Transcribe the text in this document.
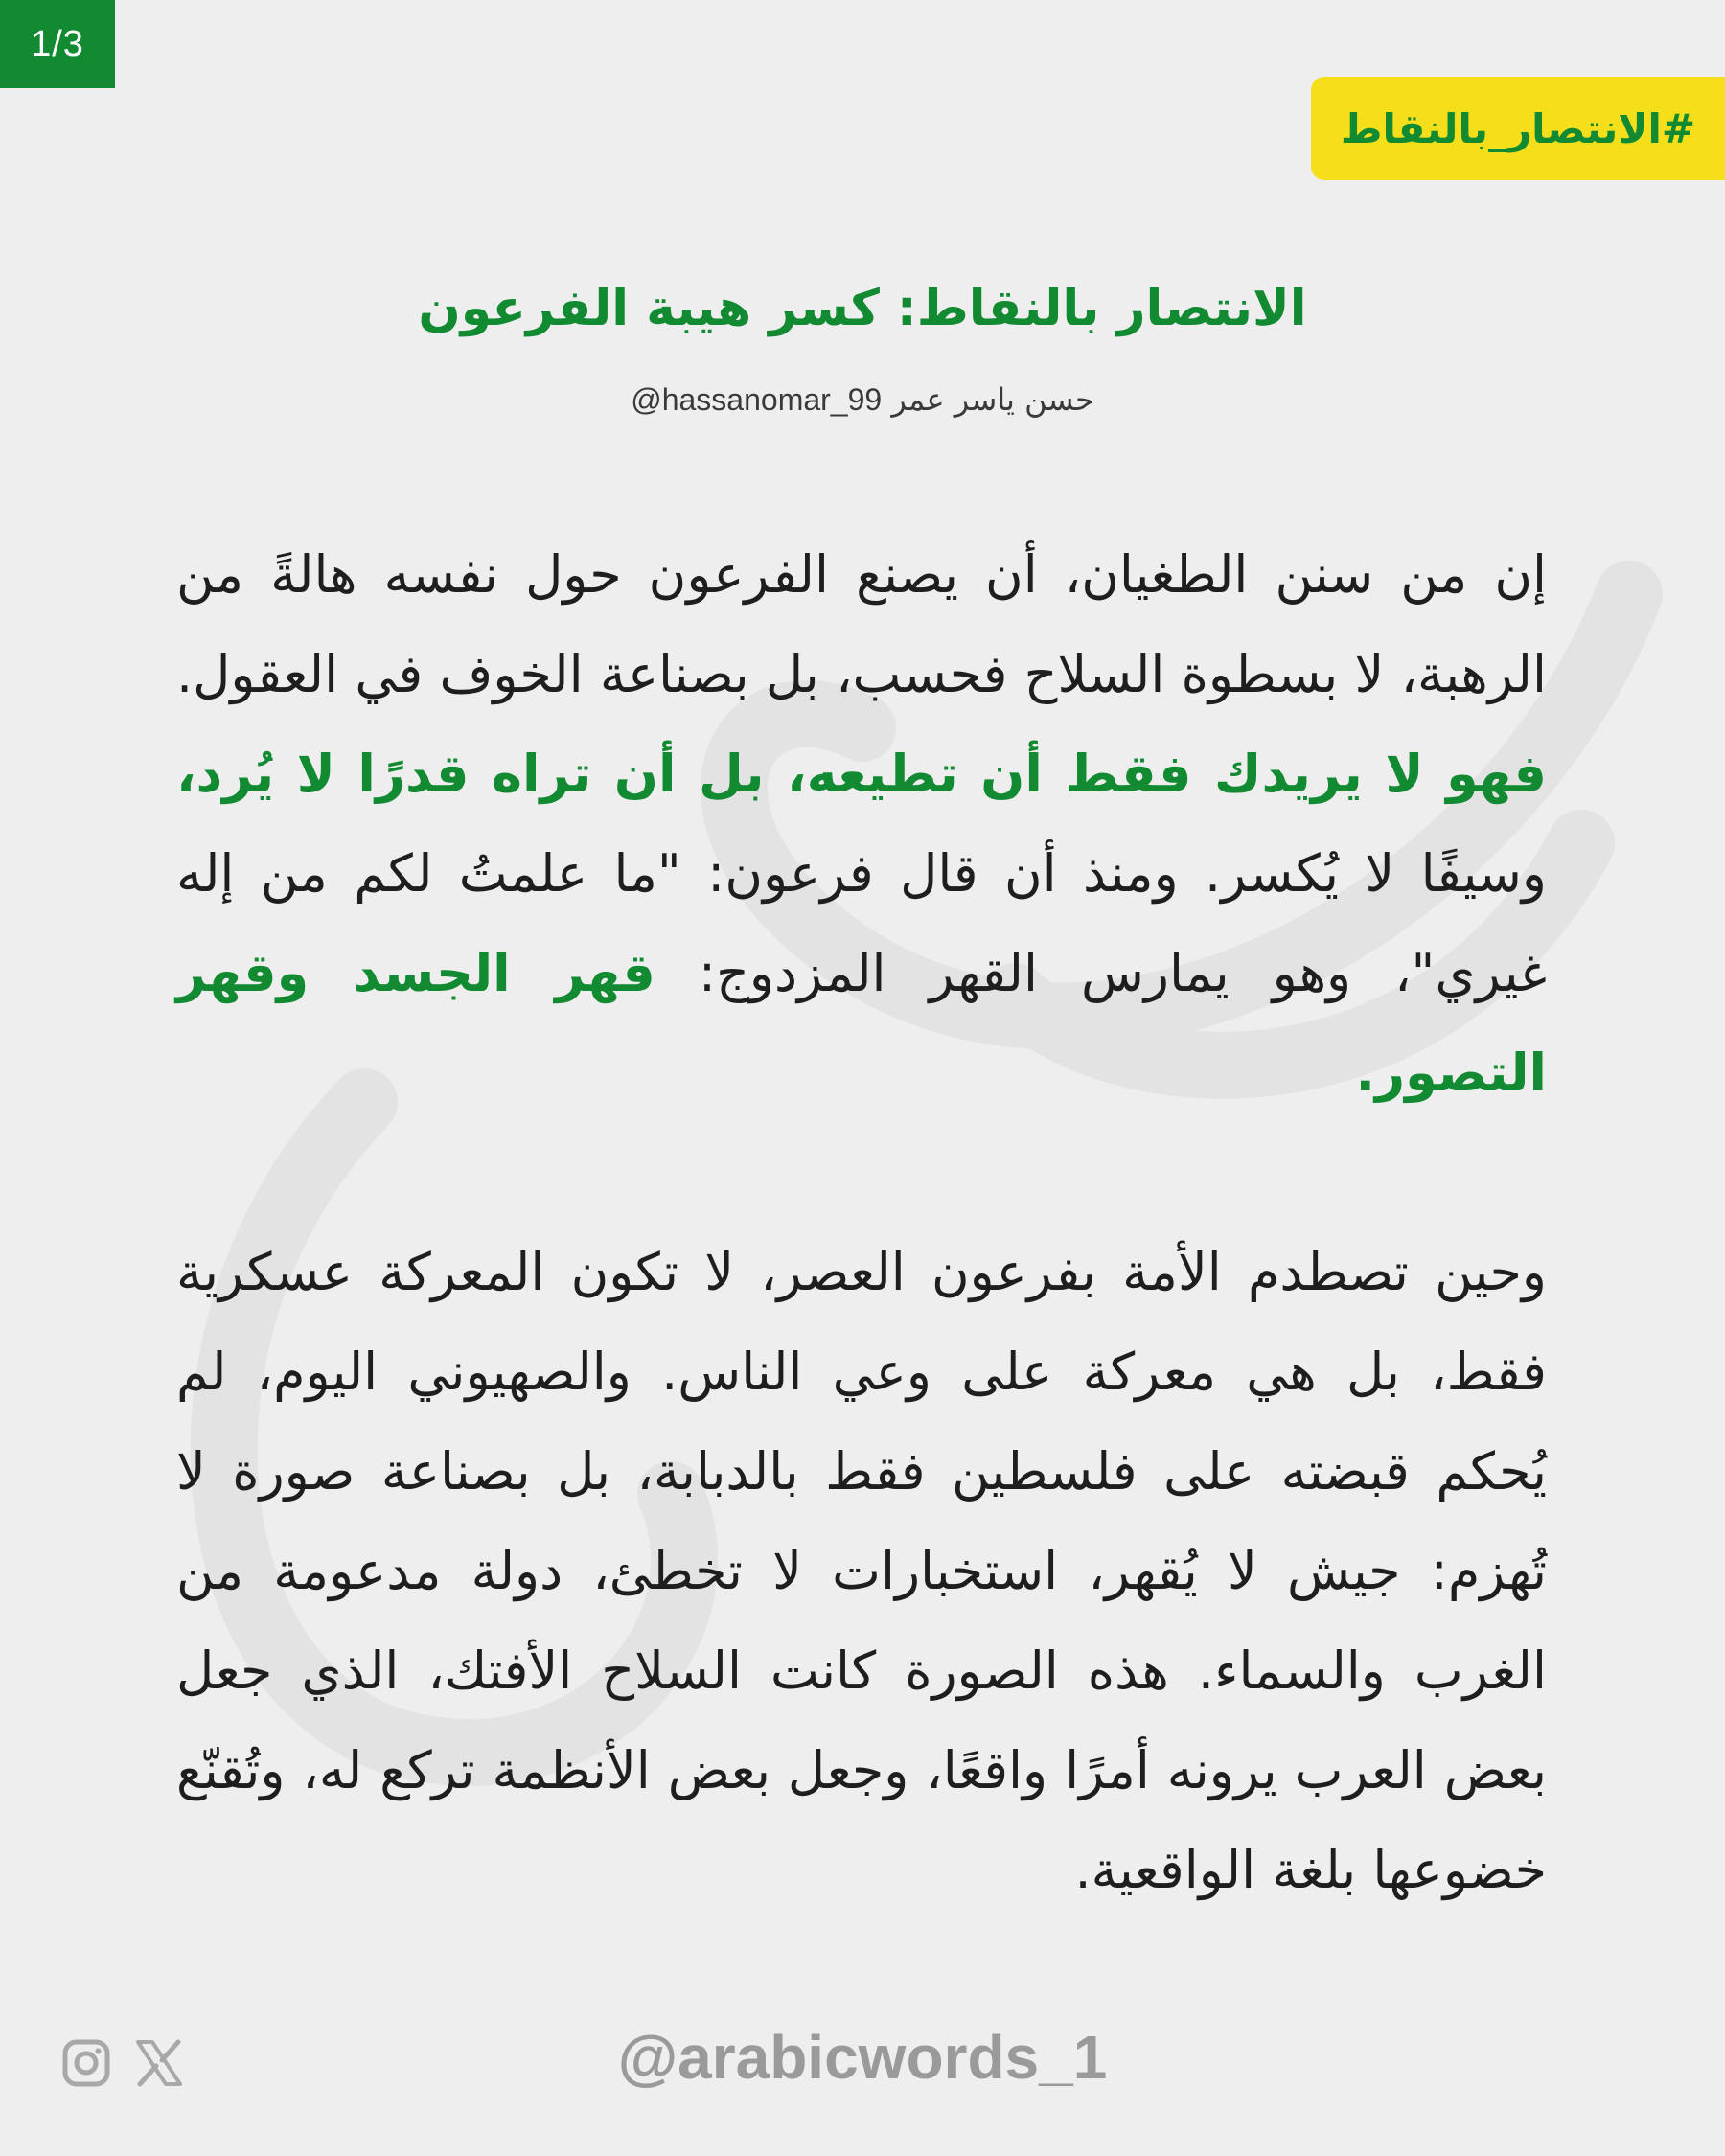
1/3
#الانتصار_بالنقاط
الانتصار بالنقاط: كسر هيبة الفرعون
حسن ياسر عمر @hassanomar_99

إن من سنن الطغيان، أن يصنع الفرعون حول نفسه هالةً من الرهبة، لا بسطوة السلاح فحسب، بل بصناعة الخوف في العقول. فهو لا يريدك فقط أن تطيعه، بل أن تراه قدرًا لا يُرد، وسيفًا لا يُكسر. ومنذ أن قال فرعون: "ما علمتُ لكم من إله غيري"، وهو يمارس القهر المزدوج: قهر الجسد وقهر التصور.

وحين تصطدم الأمة بفرعون العصر، لا تكون المعركة عسكرية فقط، بل هي معركة على وعي الناس. والصهيوني اليوم، لم يُحكم قبضته على فلسطين فقط بالدبابة، بل بصناعة صورة لا تُهزم: جيش لا يُقهر، استخبارات لا تخطئ، دولة مدعومة من الغرب والسماء. هذه الصورة كانت السلاح الأفتك، الذي جعل بعض العرب يرونه أمرًا واقعًا، وجعل بعض الأنظمة تركع له، وتُقنّع خضوعها بلغة الواقعية.

@arabicwords_1
